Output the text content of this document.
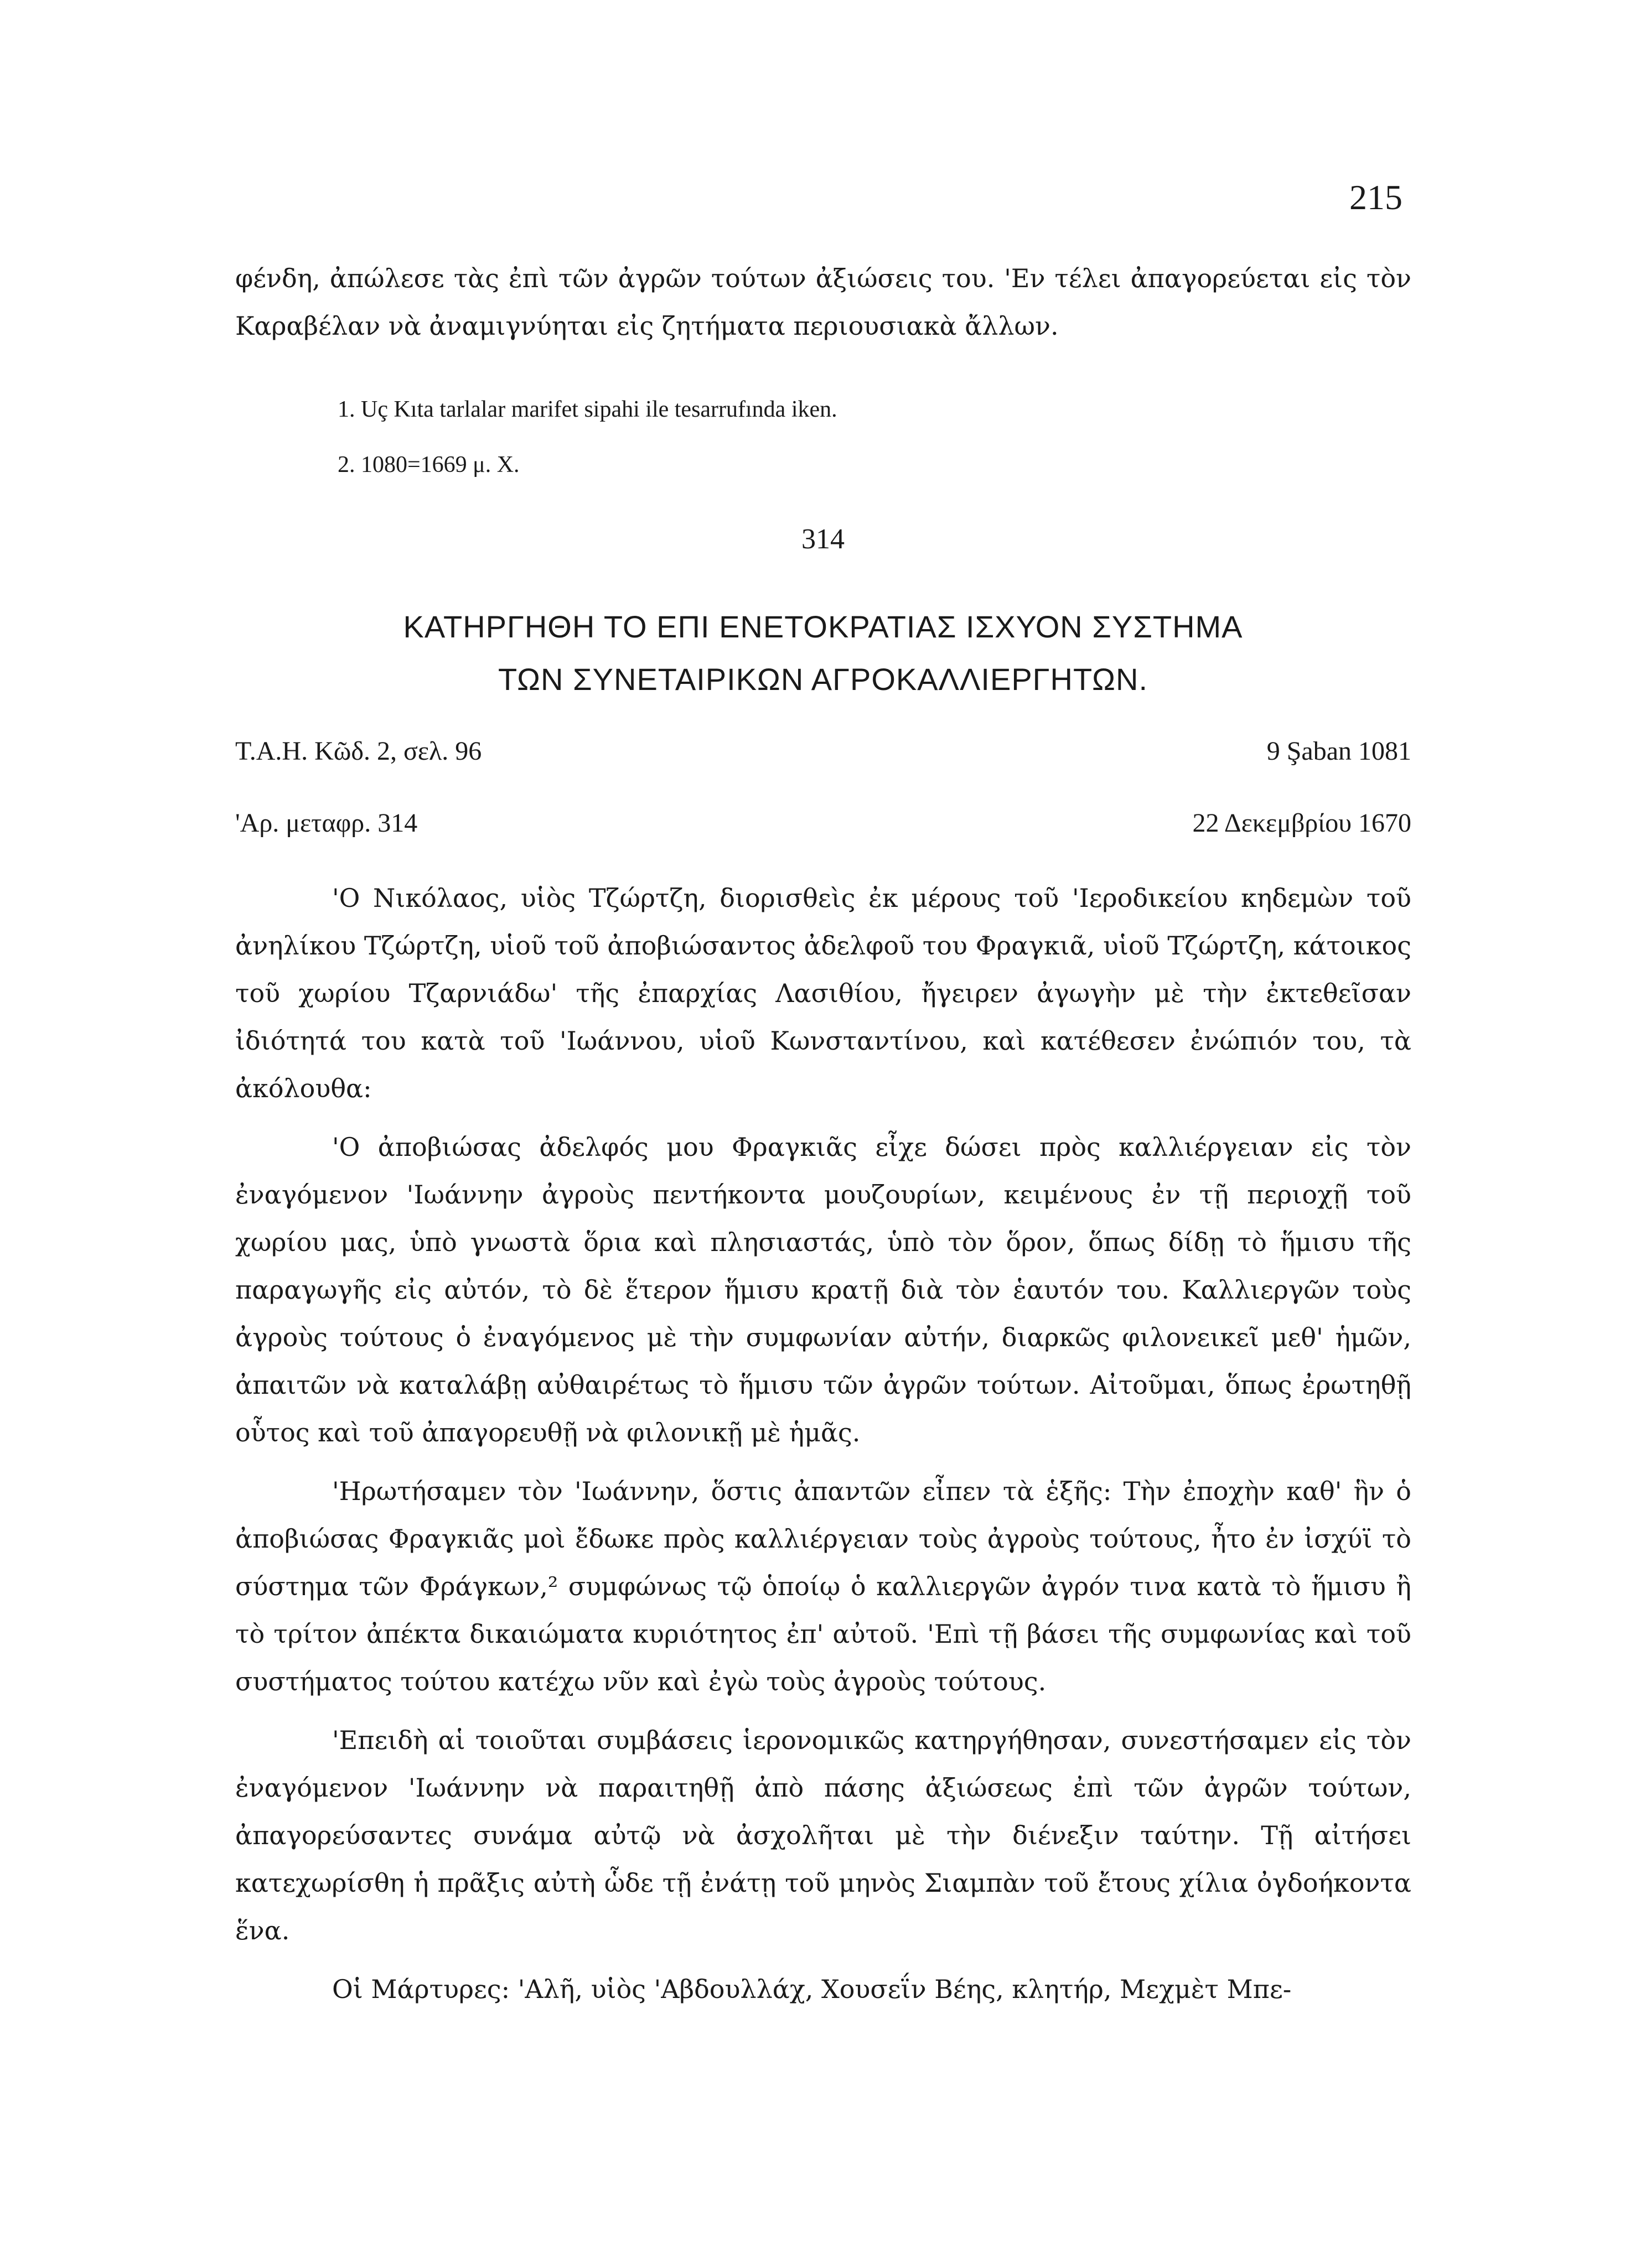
215

φένδη, ἀπώλεσε τὰς ἐπὶ τῶν ἀγρῶν τούτων ἀξιώσεις του. 'Εν τέλει ἀπαγορεύεται εἰς τὸν Καραβέλαν νὰ ἀναμιγνύηται εἰς ζητήματα περιουσιακὰ ἄλλων.

1. Uç Kıta tarlalar marifet sipahi ile tesarrufında iken.
2. 1080=1669 μ. Χ.
314
ΚΑΤΗΡΓΗΘΗ ΤΟ ΕΠΙ ΕΝΕΤΟΚΡΑΤΙΑΣ ΙΣΧΥΟΝ ΣΥΣΤΗΜΑ
ΤΩΝ ΣΥΝΕΤΑΙΡΙΚΩΝ ΑΓΡΟΚΑΛΛΙΕΡΓΗΤΩΝ.
Τ.Α.Η. Κῶδ. 2, σελ. 96	9 Şaban 1081
'Αρ. μεταφρ. 314	22 Δεκεμβρίου 1670

'Ο Νικόλαος, υἱὸς Τζώρτζη, διορισθεὶς ἐκ μέρους τοῦ 'Ιεροδικείου κηδεμὼν τοῦ ἀνηλίκου Τζώρτζη, υἱοῦ τοῦ ἀποβιώσαντος ἀδελφοῦ του Φραγκιᾶ, υἱοῦ Τζώρτζη, κάτοικος τοῦ χωρίου Τζαρνιάδω' τῆς ἐπαρχίας Λασιθίου, ἤγειρεν ἀγωγὴν μὲ τὴν ἐκτεθεῖσαν ἰδιότητά του κατὰ τοῦ 'Ιωάννου, υἱοῦ Κωνσταντίνου, καὶ κατέθεσεν ἐνώπιόν του, τὰ ἀκόλουθα:

'Ο ἀποβιώσας ἀδελφός μου Φραγκιᾶς εἶχε δώσει πρὸς καλλιέργειαν εἰς τὸν ἐναγόμενον 'Ιωάννην ἀγροὺς πεντήκοντα μουζουρίων, κειμένους ἐν τῇ περιοχῇ τοῦ χωρίου μας, ὑπὸ γνωστὰ ὅρια καὶ πλησιαστάς, ὑπὸ τὸν ὅρον, ὅπως δίδῃ τὸ ἥμισυ τῆς παραγωγῆς εἰς αὐτόν, τὸ δὲ ἕτερον ἥμισυ κρατῇ διὰ τὸν ἑαυτόν του. Καλλιεργῶν τοὺς ἀγροὺς τούτους ὁ ἐναγόμενος μὲ τὴν συμφωνίαν αὐτήν, διαρκῶς φιλονεικεῖ μεθ' ἡμῶν, ἀπαιτῶν νὰ καταλάβῃ αὐθαιρέτως τὸ ἥμισυ τῶν ἀγρῶν τούτων. Αἰτοῦμαι, ὅπως ἐρωτηθῇ οὗτος καὶ τοῦ ἀπαγορευθῇ νὰ φιλονικῇ μὲ ἡμᾶς.

'Ηρωτήσαμεν τὸν 'Ιωάννην, ὅστις ἀπαντῶν εἶπεν τὰ ἑξῆς: Τὴν ἐποχὴν καθ' ἣν ὁ ἀποβιώσας Φραγκιᾶς μοὶ ἔδωκε πρὸς καλλιέργειαν τοὺς ἀγροὺς τούτους, ἦτο ἐν ἰσχύϊ τὸ σύστημα τῶν Φράγκων,² συμφώνως τῷ ὁποίῳ ὁ καλλιεργῶν ἀγρόν τινα κατὰ τὸ ἥμισυ ἢ τὸ τρίτον ἀπέκτα δικαιώματα κυριότητος ἐπ' αὐτοῦ. 'Επὶ τῇ βάσει τῆς συμφωνίας καὶ τοῦ συστήματος τούτου κατέχω νῦν καὶ ἐγὼ τοὺς ἀγροὺς τούτους.

'Επειδὴ αἱ τοιοῦται συμβάσεις ἱερονομικῶς κατηργήθησαν, συνεστήσαμεν εἰς τὸν ἐναγόμενον 'Ιωάννην νὰ παραιτηθῇ ἀπὸ πάσης ἀξιώσεως ἐπὶ τῶν ἀγρῶν τούτων, ἀπαγορεύσαντες συνάμα αὐτῷ νὰ ἀσχολῆται μὲ τὴν διένεξιν ταύτην. Τῇ αἰτήσει κατεχωρίσθη ἡ πρᾶξις αὐτὴ ὧδε τῇ ἐνάτῃ τοῦ μηνὸς Σιαμπὰν τοῦ ἔτους χίλια ὀγδοήκοντα ἕνα.

Οἱ Μάρτυρες: 'Αλῆ, υἱὸς 'Αβδουλλάχ, Χουσεΐν Βέης, κλητήρ, Μεχμὲτ Μπε-
